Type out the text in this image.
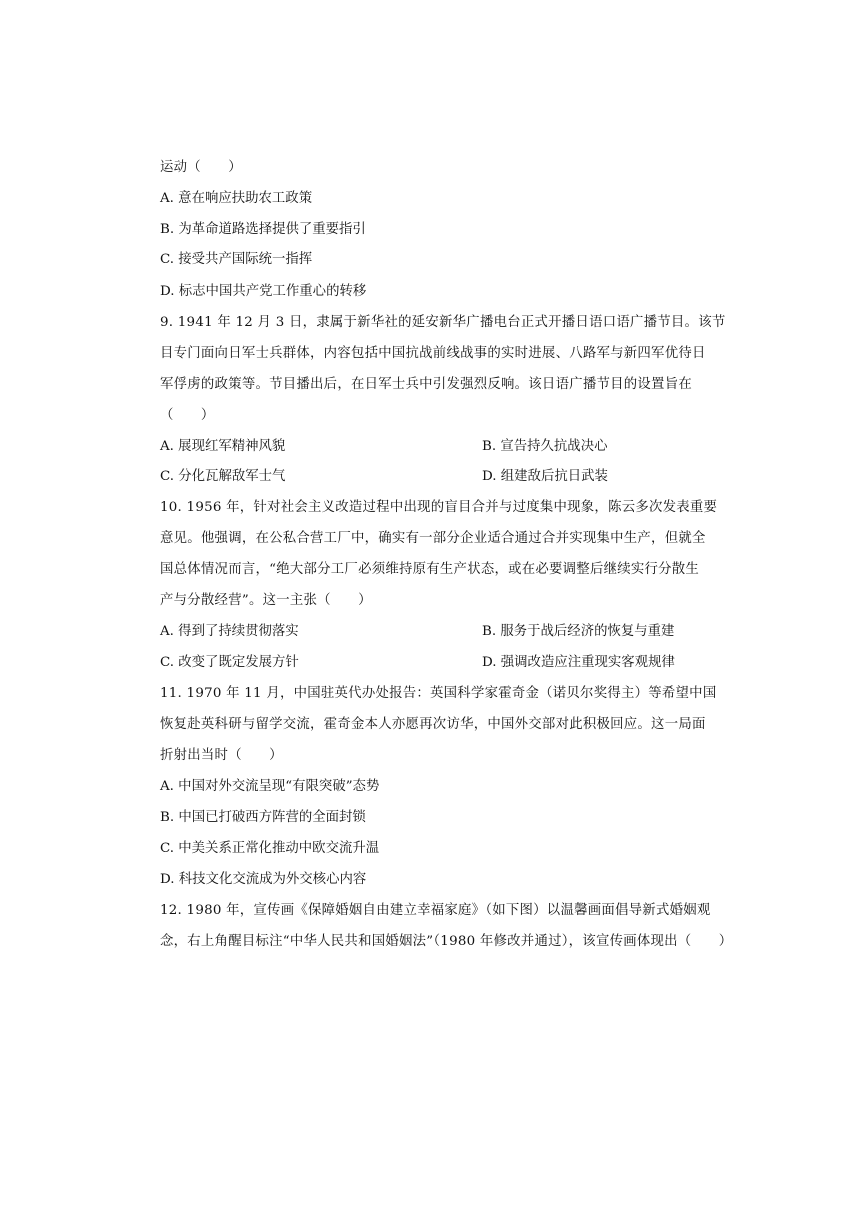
运动（　　）
A. 意在响应扶助农工政策
B. 为革命道路选择提供了重要指引
C. 接受共产国际统一指挥
D. 标志中国共产党工作重心的转移
9. 1941 年 12 月 3 日，隶属于新华社的延安新华广播电台正式开播日语口语广播节目。该节
目专门面向日军士兵群体，内容包括中国抗战前线战事的实时进展、八路军与新四军优待日
军俘虏的政策等。节目播出后，在日军士兵中引发强烈反响。该日语广播节目的设置旨在
（　　）
A. 展现红军精神风貌	B. 宣告持久抗战决心
C. 分化瓦解敌军士气	D. 组建敌后抗日武装
10. 1956 年，针对社会主义改造过程中出现的盲目合并与过度集中现象，陈云多次发表重要
意见。他强调，在公私合营工厂中，确实有一部分企业适合通过合并实现集中生产，但就全
国总体情况而言，“绝大部分工厂必须维持原有生产状态，或在必要调整后继续实行分散生
产与分散经营”。这一主张（　　）
A. 得到了持续贯彻落实	B. 服务于战后经济的恢复与重建
C. 改变了既定发展方针	D. 强调改造应注重现实客观规律
11. 1970 年 11 月，中国驻英代办处报告：英国科学家霍奇金（诺贝尔奖得主）等希望中国
恢复赴英科研与留学交流，霍奇金本人亦愿再次访华，中国外交部对此积极回应。这一局面
折射出当时（　　）
A. 中国对外交流呈现“有限突破”态势
B. 中国已打破西方阵营的全面封锁
C. 中美关系正常化推动中欧交流升温
D. 科技文化交流成为外交核心内容
12. 1980 年，宣传画《保障婚姻自由建立幸福家庭》（如下图）以温馨画面倡导新式婚姻观
念，右上角醒目标注“中华人民共和国婚姻法”（1980 年修改并通过），该宣传画体现出（　　）
